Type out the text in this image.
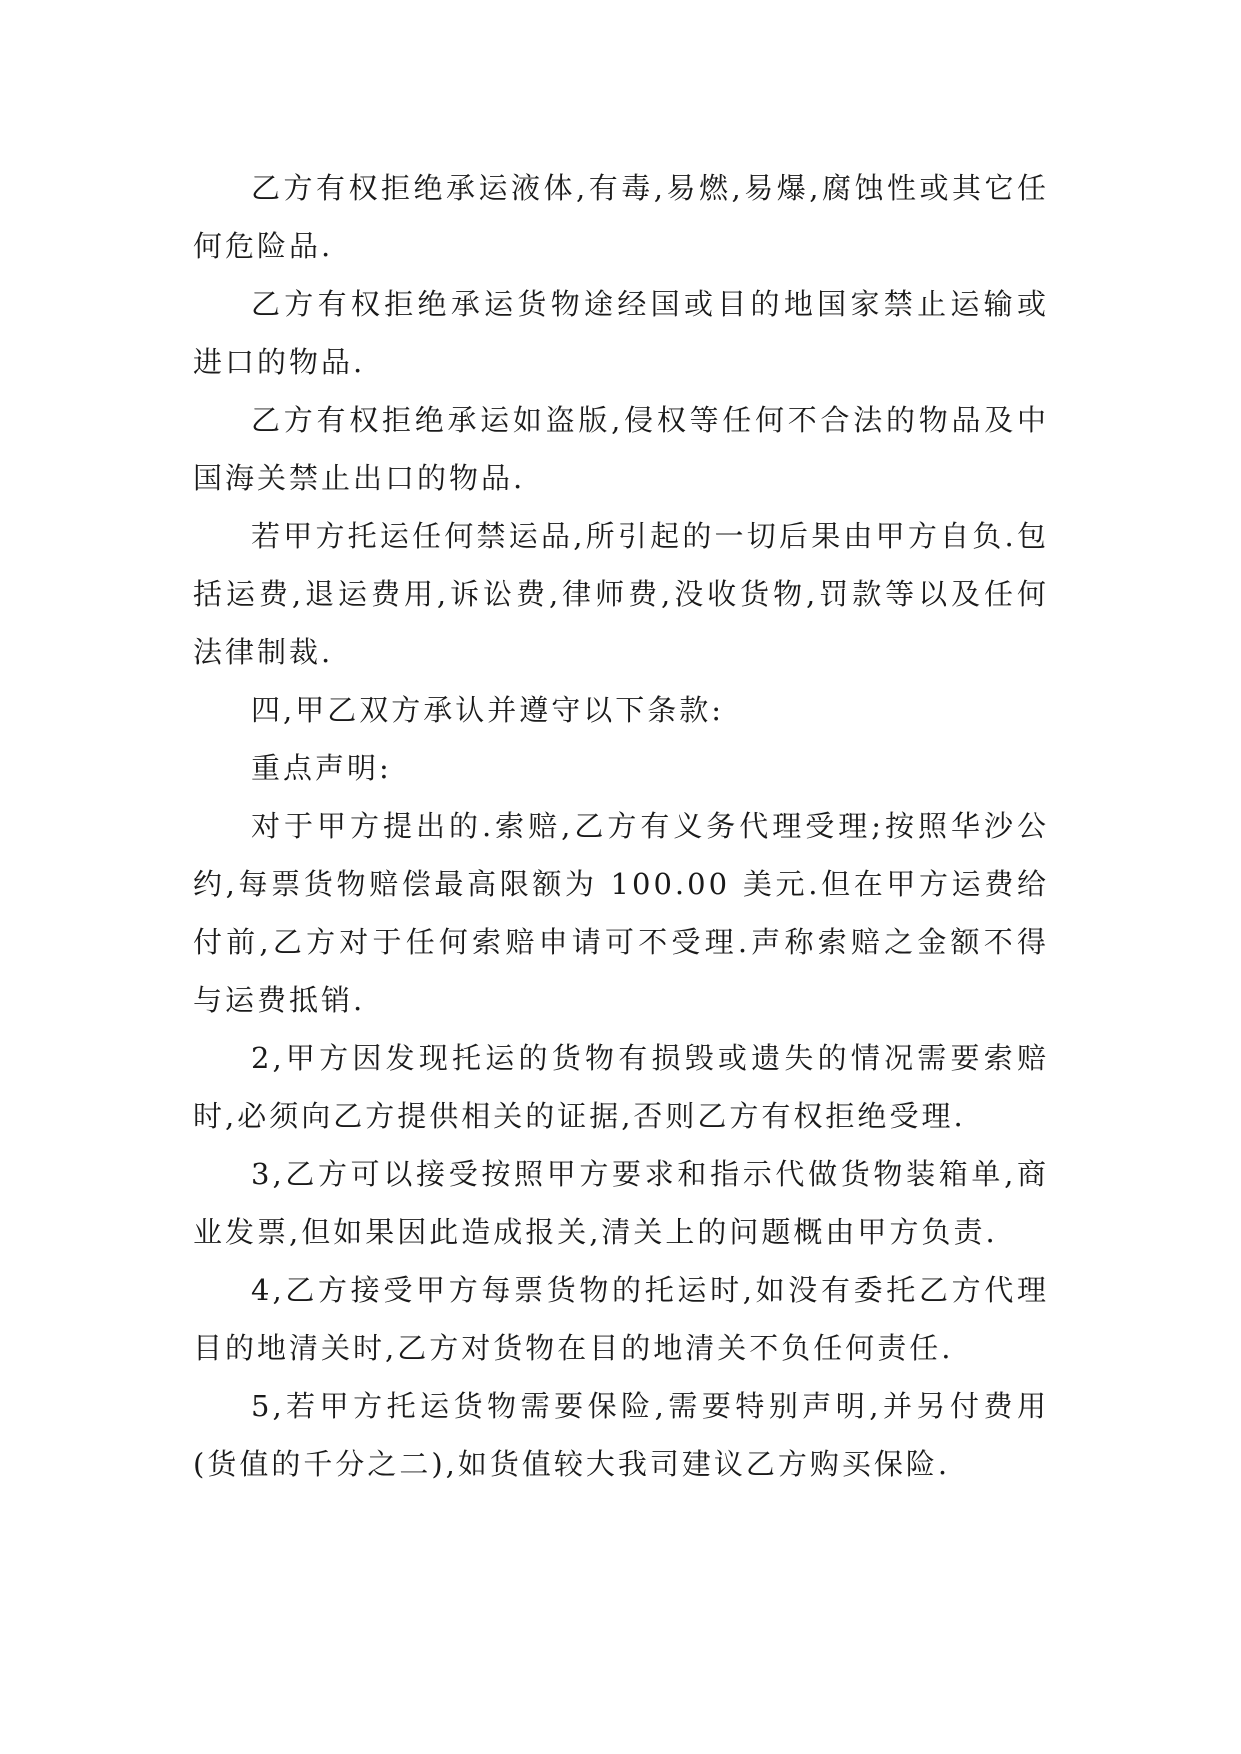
乙方有权拒绝承运液体,有毒,易燃,易爆,腐蚀性或其它任何危险品.

乙方有权拒绝承运货物途经国或目的地国家禁止运输或进口的物品.

乙方有权拒绝承运如盗版,侵权等任何不合法的物品及中国海关禁止出口的物品.

若甲方托运任何禁运品,所引起的一切后果由甲方自负.包括运费,退运费用,诉讼费,律师费,没收货物,罚款等以及任何法律制裁.

四,甲乙双方承认并遵守以下条款:

重点声明:

对于甲方提出的.索赔,乙方有义务代理受理;按照华沙公约,每票货物赔偿最高限额为 100.00 美元.但在甲方运费给付前,乙方对于任何索赔申请可不受理.声称索赔之金额不得与运费抵销.

2,甲方因发现托运的货物有损毁或遗失的情况需要索赔时,必须向乙方提供相关的证据,否则乙方有权拒绝受理.

3,乙方可以接受按照甲方要求和指示代做货物装箱单,商业发票,但如果因此造成报关,清关上的问题概由甲方负责.

4,乙方接受甲方每票货物的托运时,如没有委托乙方代理目的地清关时,乙方对货物在目的地清关不负任何责任.

5,若甲方托运货物需要保险,需要特别声明,并另付费用(货值的千分之二),如货值较大我司建议乙方购买保险.
